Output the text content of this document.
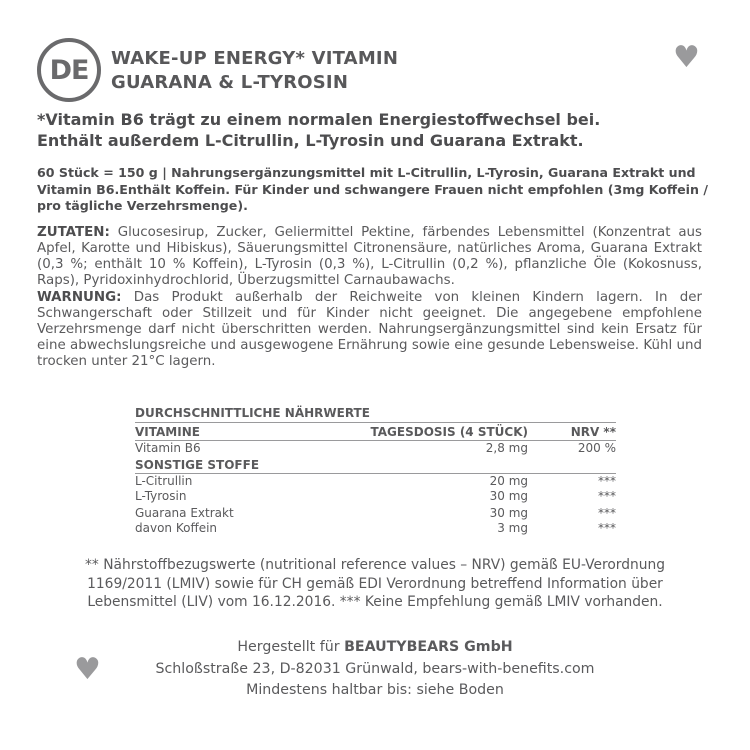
DE WAKE-UP ENERGY* VITAMIN
GUARANA & L-TYROSIN
♥
*Vitamin B6 trägt zu einem normalen Energiestoffwechsel bei.
Enthält außerdem L-Citrullin, L-Tyrosin und Guarana Extrakt.
60 Stück = 150 g | Nahrungsergänzungsmittel mit L-Citrullin, L-Tyrosin, Guarana Extrakt und Vitamin B6.Enthält Koffein. Für Kinder und schwangere Frauen nicht empfohlen (3mg Koffein / pro tägliche Verzehrsmenge).
ZUTATEN: Glucosesirup, Zucker, Geliermittel Pektine, färbendes Lebensmittel (Konzentrat aus Apfel, Karotte und Hibiskus), Säuerungsmittel Citronensäure, natürliches Aroma, Guarana Extrakt (0,3 %; enthält 10 % Koffein), L-Tyrosin (0,3 %), L-Citrullin (0,2 %), pflanzliche Öle (Kokosnuss, Raps), Pyridoxinhydrochlorid, Überzugsmittel Carnaubawachs.
WARNUNG: Das Produkt außerhalb der Reichweite von kleinen Kindern lagern. In der Schwangerschaft oder Stillzeit und für Kinder nicht geeignet. Die angegebene empfohlene Verzehrsmenge darf nicht überschritten werden. Nahrungsergänzungsmittel sind kein Ersatz für eine abwechslungsreiche und ausgewogene Ernährung sowie eine gesunde Lebensweise. Kühl und trocken unter 21°C lagern.
DURCHSCHNITTLICHE NÄHRWERTE
VITAMINE	TAGESDOSIS (4 STÜCK)	NRV **
Vitamin B6	2,8 mg	200 %
SONSTIGE STOFFE
L-Citrullin	20 mg	***
L-Tyrosin	30 mg	***
Guarana Extrakt	30 mg	***
davon Koffein	3 mg	***
** Nährstoffbezugswerte (nutritional reference values – NRV) gemäß EU-Verordnung
1169/2011 (LMIV) sowie für CH gemäß EDI Verordnung betreffend Information über
Lebensmittel (LIV) vom 16.12.2016. *** Keine Empfehlung gemäß LMIV vorhanden.
♥
Hergestellt für BEAUTYBEARS GmbH
Schloßstraße 23, D-82031 Grünwald, bears-with-benefits.com
Mindestens haltbar bis: siehe Boden
